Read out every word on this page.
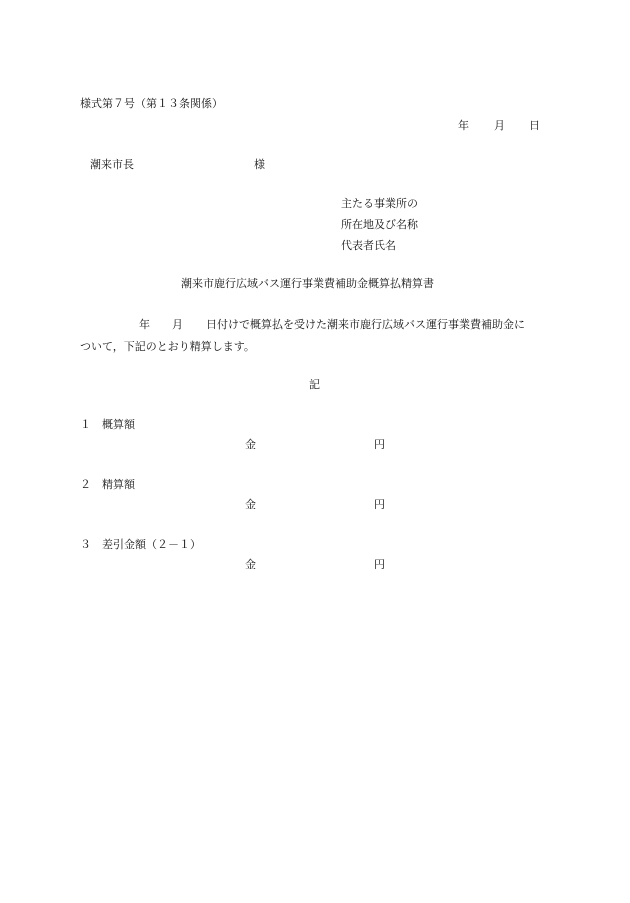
様式第７号（第１３条関係）
年 月 日
潮来市長	様
主たる事業所の
所在地及び名称
代表者氏名
潮来市鹿行広域バス運行事業費補助金概算払精算書
年 月 日付けで概算払を受けた潮来市鹿行広域バス運行事業費補助金に
ついて，下記のとおり精算します。
記
１ 概算額
金	円
２ 精算額
金	円
３ 差引金額（２－１）
金	円
